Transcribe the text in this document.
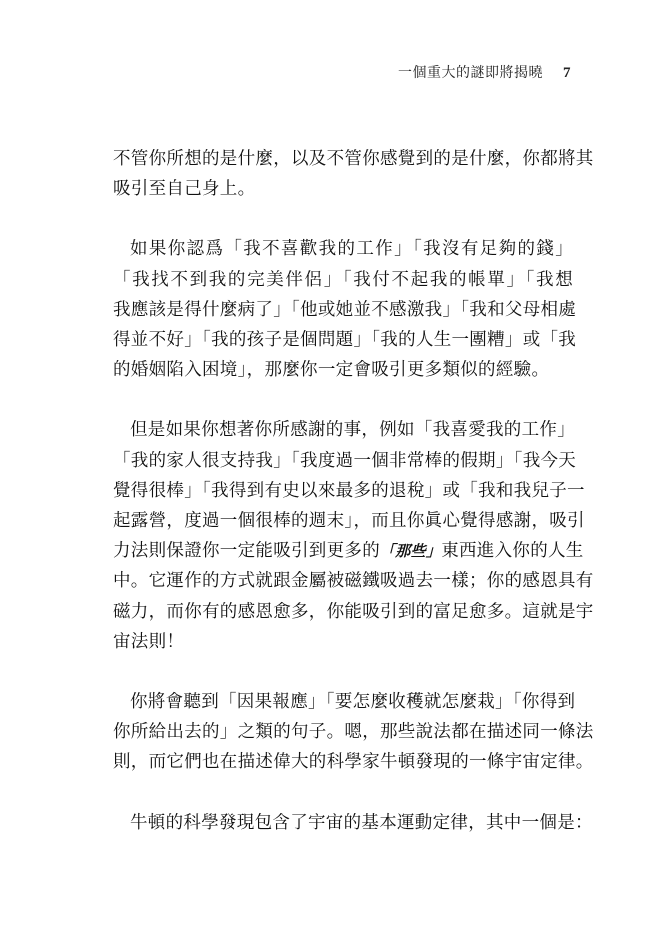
一個重大的謎即將揭曉 7

不管你所想的是什麼，以及不管你感覺到的是什麼，你都將其
吸引至自己身上。

如果你認爲「我不喜歡我的工作」「我沒有足夠的錢」
「我找不到我的完美伴侶」「我付不起我的帳單」「我想
我應該是得什麼病了」「他或她並不感激我」「我和父母相處
得並不好」「我的孩子是個問題」「我的人生一團糟」或「我
的婚姻陷入困境」，那麼你一定會吸引更多類似的經驗。

但是如果你想著你所感謝的事，例如「我喜愛我的工作」
「我的家人很支持我」「我度過一個非常棒的假期」「我今天
覺得很棒」「我得到有史以來最多的退稅」或「我和我兒子一
起露營，度過一個很棒的週末」，而且你眞心覺得感謝，吸引
力法則保證你一定能吸引到更多的「那些」東西進入你的人生
中。它運作的方式就跟金屬被磁鐵吸過去一樣；你的感恩具有
磁力，而你有的感恩愈多，你能吸引到的富足愈多。這就是宇
宙法則！

你將會聽到「因果報應」「要怎麼收穫就怎麼栽」「你得到
你所給出去的」之類的句子。嗯，那些說法都在描述同一條法
則，而它們也在描述偉大的科學家牛頓發現的一條宇宙定律。

牛頓的科學發現包含了宇宙的基本運動定律，其中一個是：
